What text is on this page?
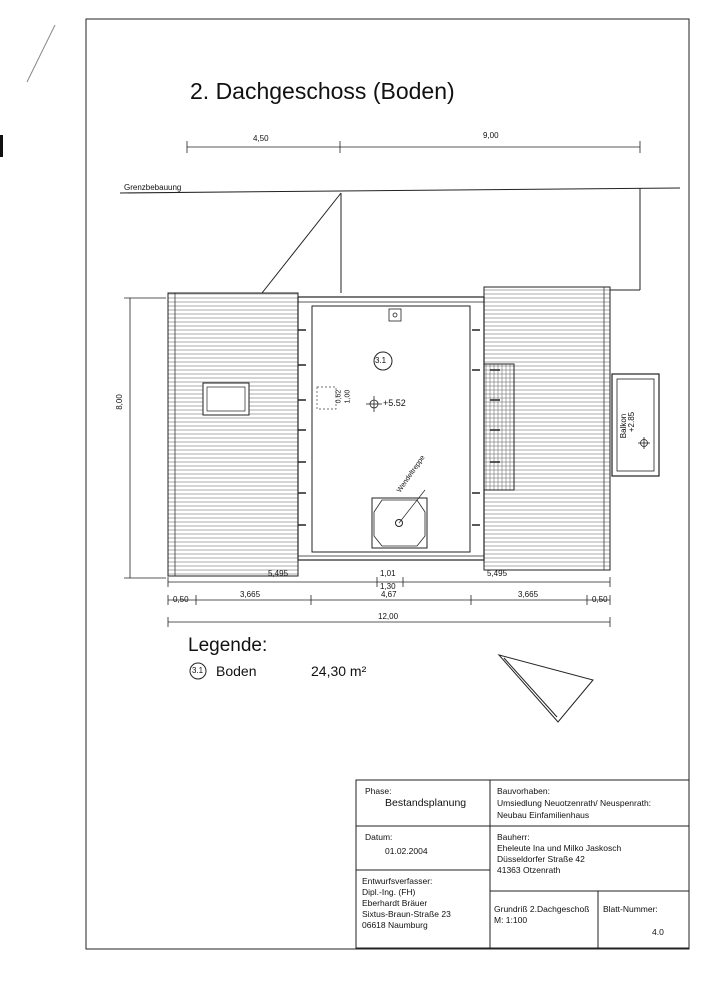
2. Dachgeschoss (Boden)
Grenzbebauung
4,50	9,00
8,00
3.1
+5.52
0,62 1,00
Wendeltreppe
Balkon
+2.85
5,495	1,01
1,30
5,495
0,50
3,665	4,67	3,665
0,50
12,00
Legende:
3.1 Boden	24,30 m²
Phase:
Bestandsplanung
Bauvorhaben:
Umsiedlung Neuotzenrath/ Neuspenrath:
Neubau Einfamilienhaus
Datum:
01.02.2004
Bauherr:
Eheleute Ina und Milko Jaskosch
Düsseldorfer Straße 42
41363 Otzenrath
Entwurfsverfasser:
Dipl.-Ing. (FH)
Eberhardt Bräuer
Sixtus-Braun-Straße 23
06618 Naumburg
Grundriß 2.Dachgeschoß
M: 1:100
Blatt-Nummer:
4.0
